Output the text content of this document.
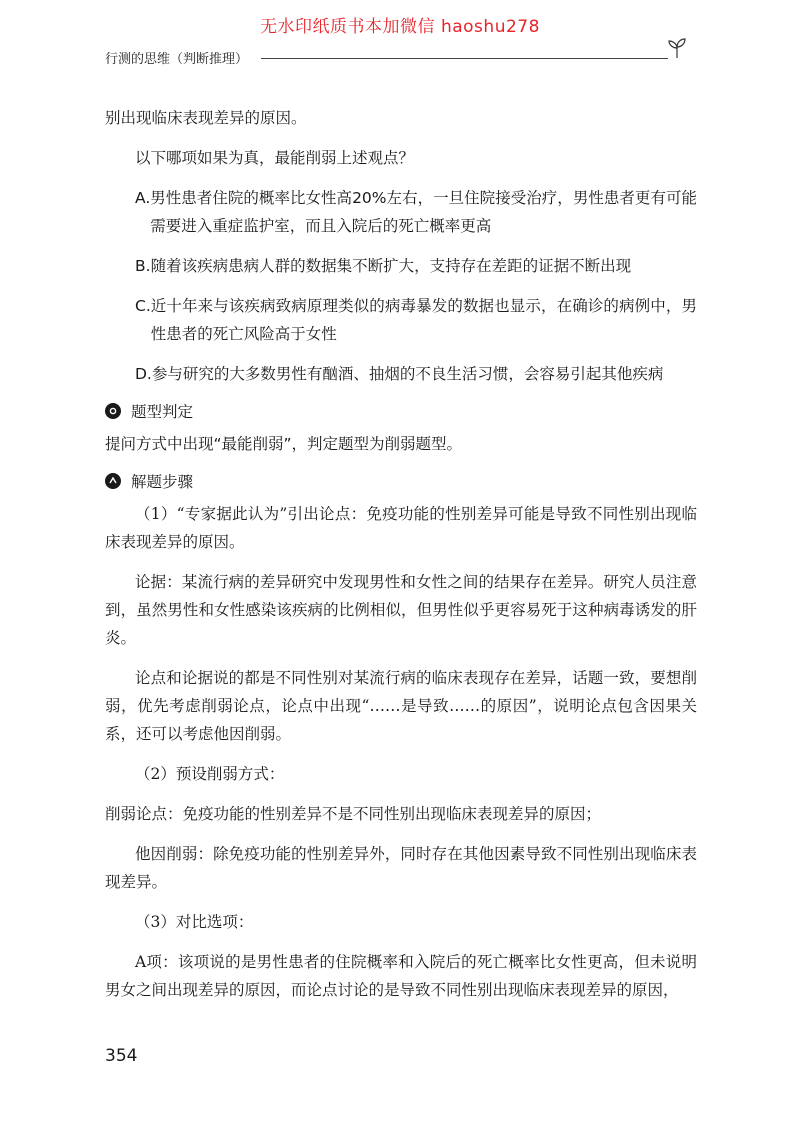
无水印纸质书本加微信 haoshu278
行测的思维（判断推理）

别出现临床表现差异的原因。

以下哪项如果为真，最能削弱上述观点？

A. 男性患者住院的概率比女性高20%左右，一旦住院接受治疗，男性患者更有可能需要进入重症监护室，而且入院后的死亡概率更高
B. 随着该疾病患病人群的数据集不断扩大，支持存在差距的证据不断出现
C. 近十年来与该疾病致病原理类似的病毒暴发的数据也显示，在确诊的病例中，男性患者的死亡风险高于女性
D. 参与研究的大多数男性有酗酒、抽烟的不良生活习惯，会容易引起其他疾病
题型判定

提问方式中出现“最能削弱”，判定题型为削弱题型。

解题步骤

（1）“专家据此认为”引出论点：免疫功能的性别差异可能是导致不同性别出现临床表现差异的原因。

论据：某流行病的差异研究中发现男性和女性之间的结果存在差异。研究人员注意到，虽然男性和女性感染该疾病的比例相似，但男性似乎更容易死于这种病毒诱发的肝炎。

论点和论据说的都是不同性别对某流行病的临床表现存在差异，话题一致，要想削弱，优先考虑削弱论点，论点中出现“……是导致……的原因”，说明论点包含因果关系，还可以考虑他因削弱。

（2）预设削弱方式：

削弱论点：免疫功能的性别差异不是不同性别出现临床表现差异的原因；

他因削弱：除免疫功能的性别差异外，同时存在其他因素导致不同性别出现临床表现差异。

（3）对比选项：

A项：该项说的是男性患者的住院概率和入院后的死亡概率比女性更高，但未说明男女之间出现差异的原因，而论点讨论的是导致不同性别出现临床表现差异的原因，

354
